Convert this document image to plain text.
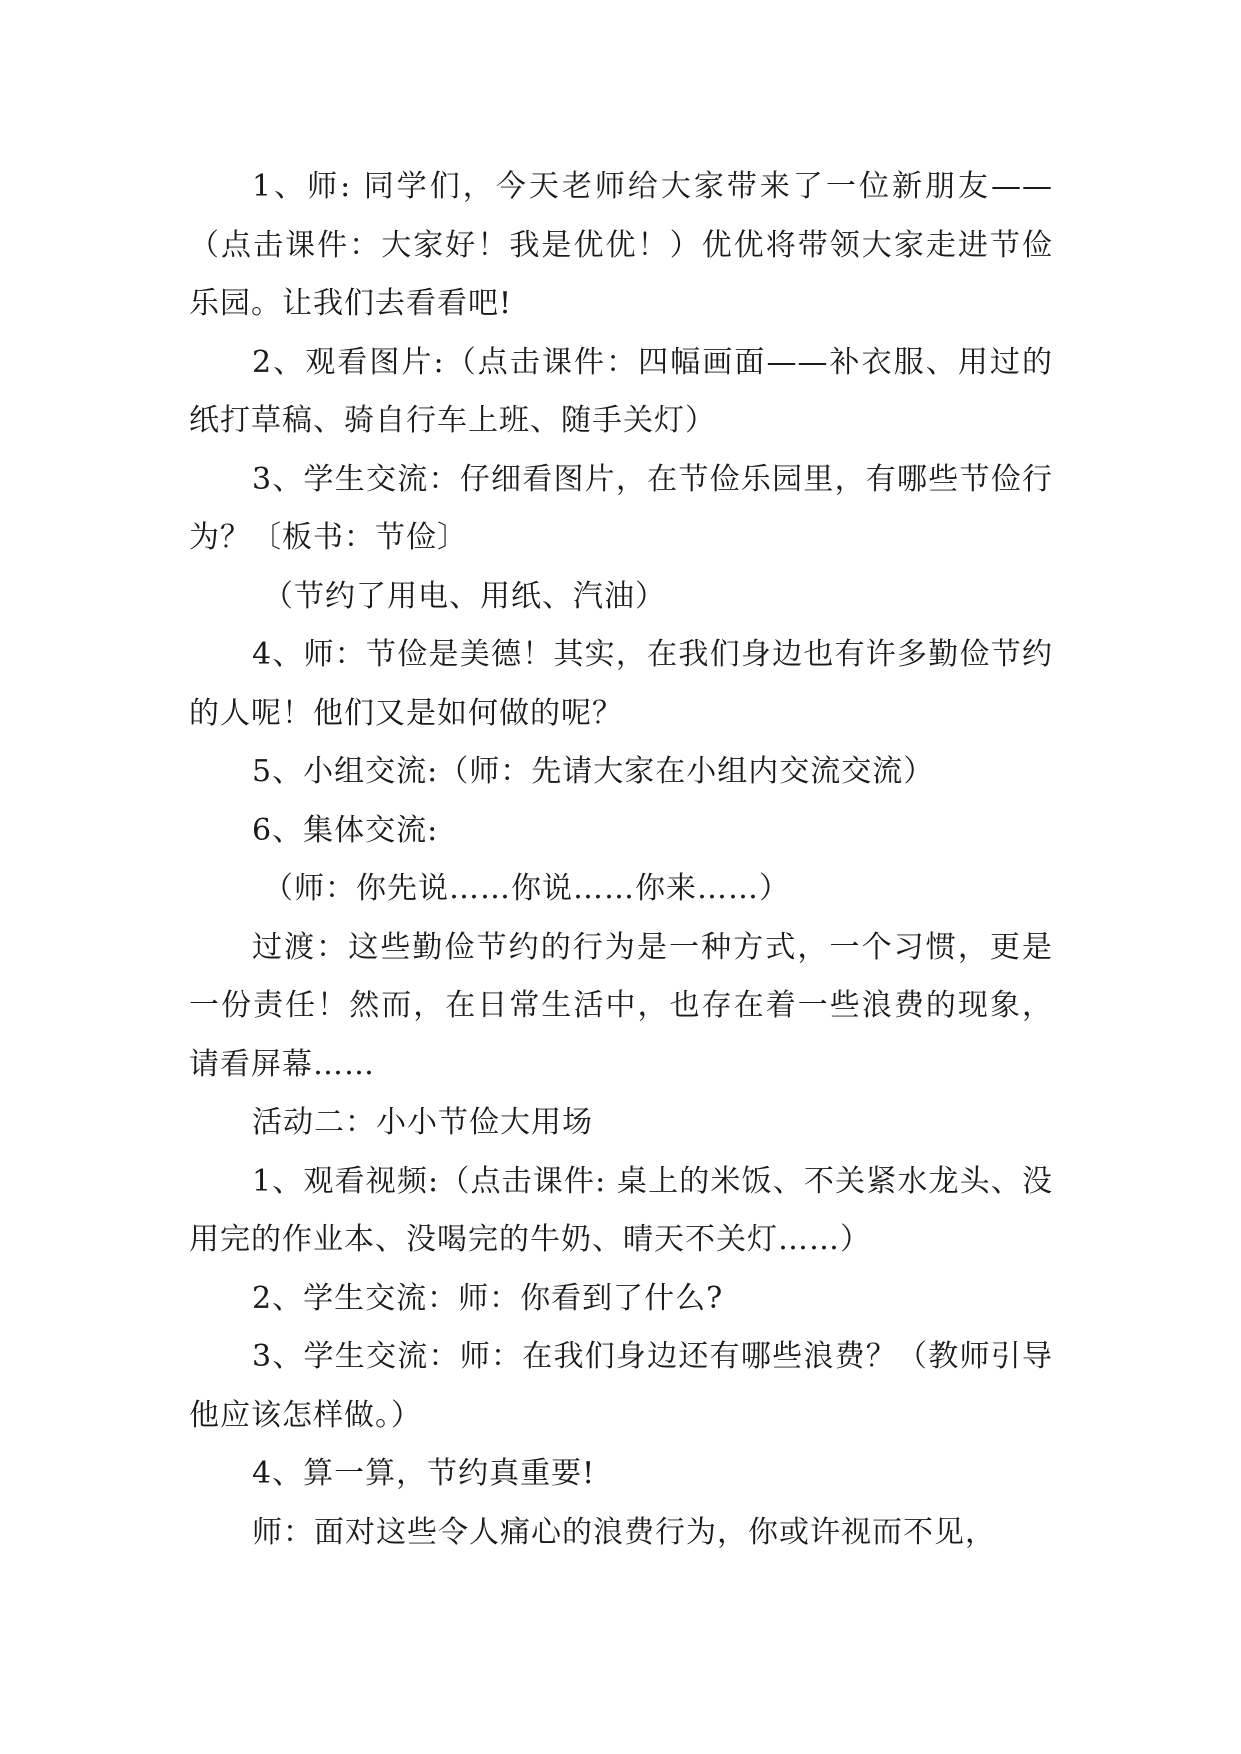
1、师: 同学们，今天老师给大家带来了一位新朋友——（点击课件：大家好！我是优优！）优优将带领大家走进节俭乐园。让我们去看看吧!

2、观看图片:（点击课件：四幅画面——补衣服、用过的纸打草稿、骑自行车上班、随手关灯）

3、学生交流：仔细看图片，在节俭乐园里，有哪些节俭行为？〔板书：节俭〕

（节约了用电、用纸、汽油）

4、师：节俭是美德！其实，在我们身边也有许多勤俭节约的人呢！他们又是如何做的呢？

5、小组交流:（师：先请大家在小组内交流交流）

6、集体交流:

（师：你先说……你说……你来……）

过渡：这些勤俭节约的行为是一种方式，一个习惯，更是一份责任！然而，在日常生活中，也存在着一些浪费的现象，请看屏幕……

活动二：小小节俭大用场

1、观看视频:（点击课件: 桌上的米饭、不关紧水龙头、没用完的作业本、没喝完的牛奶、晴天不关灯……）

2、学生交流：师：你看到了什么?

3、学生交流：师：在我们身边还有哪些浪费？（教师引导他应该怎样做。）

4、算一算，节约真重要!

师：面对这些令人痛心的浪费行为，你或许视而不见，
